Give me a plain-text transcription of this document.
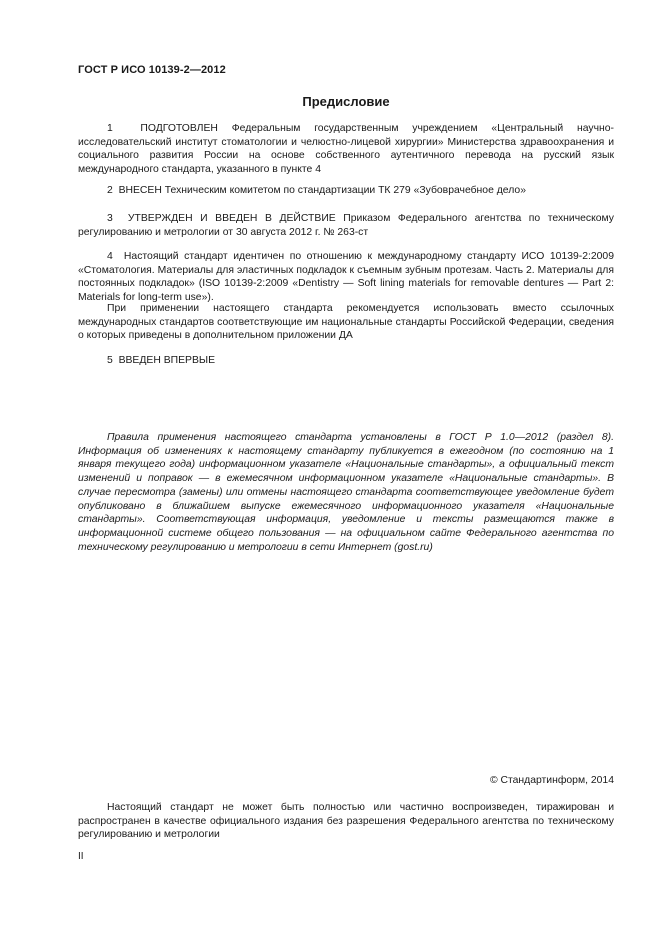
ГОСТ Р ИСО 10139-2—2012
Предисловие

1	ПОДГОТОВЛЕН Федеральным государственным учреждением «Центральный научно-исследовательский институт стоматологии и челюстно-лицевой хирургии» Министерства здравоохранения и социального развития России на основе собственного аутентичного перевода на русский язык международного стандарта, указанного в пункте 4

2 ВНЕСЕН Техническим комитетом по стандартизации ТК 279 «Зубоврачебное дело»

3 УТВЕРЖДЕН И ВВЕДЕН В ДЕЙСТВИЕ Приказом Федерального агентства по техническому регулированию и метрологии от 30 августа 2012 г. № 263-ст

4 Настоящий стандарт идентичен по отношению к международному стандарту ИСО 10139-2:2009 «Стоматология. Материалы для эластичных подкладок к съемным зубным протезам. Часть 2. Материалы для постоянных подкладок» (ISO 10139-2:2009 «Dentistry — Soft lining materials for removable dentures — Part 2: Materials for long-term use»).

При применении настоящего стандарта рекомендуется использовать вместо ссылочных международных стандартов соответствующие им национальные стандарты Российской Федерации, сведения о которых приведены в дополнительном приложении ДА

5 ВВЕДЕН ВПЕРВЫЕ

Правила применения настоящего стандарта установлены в ГОСТ Р 1.0—2012 (раздел 8). Информация об изменениях к настоящему стандарту публикуется в ежегодном (по состоянию на 1 января текущего года) информационном указателе «Национальные стандарты», а официальный текст изменений и поправок — в ежемесячном информационном указателе «Национальные стандарты». В случае пересмотра (замены) или отмены настоящего стандарта соответствующее уведомление будет опубликовано в ближайшем выпуске ежемесячного информационного указателя «Национальные стандарты». Соответствующая информация, уведомление и тексты размещаются также в информационной системе общего пользования — на официальном сайте Федерального агентства по техническому регулированию и метрологии в сети Интернет (gost.ru)

© Стандартинформ, 2014

Настоящий стандарт не может быть полностью или частично воспроизведен, тиражирован и распространен в качестве официального издания без разрешения Федерального агентства по техническому регулированию и метрологии

II
